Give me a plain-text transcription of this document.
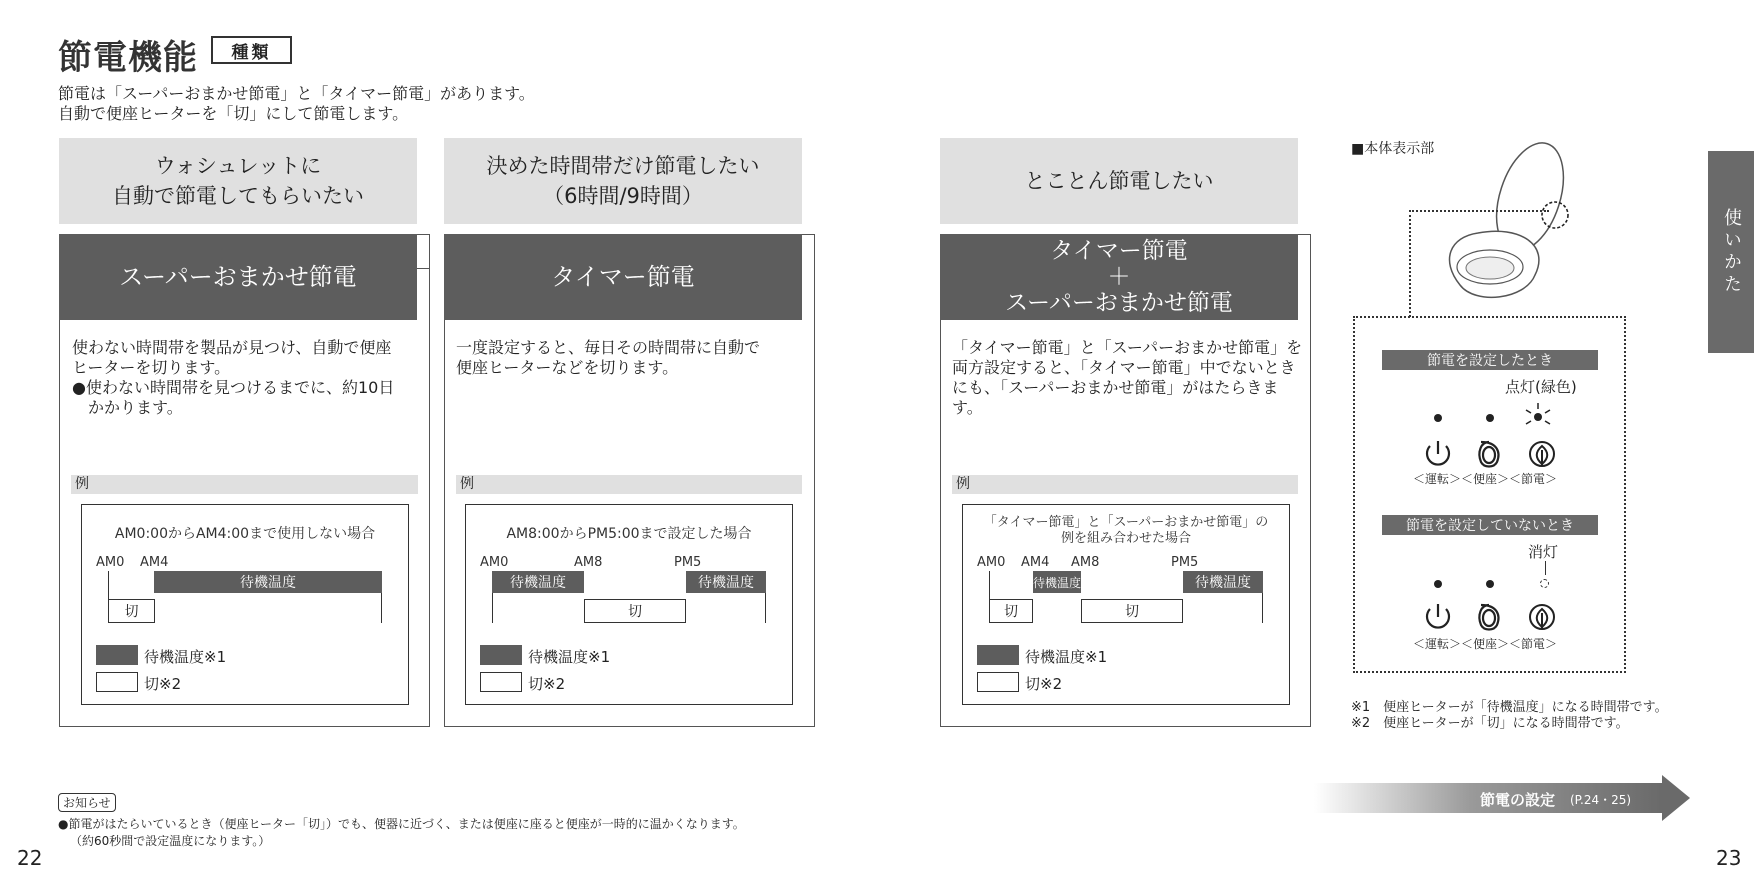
節電機能	種類
節電は「スーパーおまかせ節電」と「タイマー節電」があります。
自動で便座ヒーターを「切」にして節電します。
ウォシュレットに
自動で節電してもらいたい
スーパーおまかせ節電
使わない時間帯を製品が見つけ、自動で便座
ヒーターを切ります。
●使わない時間帯を見つけるまでに、約10日
　かかります。
例
AM0:00からAM4:00まで使用しない場合
AM0 AM4
待機温度
切
待機温度※1
切※2
決めた時間帯だけ節電したい
（6時間/9時間）
タイマー節電
一度設定すると、毎日その時間帯に自動で
便座ヒーターなどを切ります。
例
AM8:00からPM5:00まで設定した場合
AM0	AM8	PM5
待機温度
切
待機温度
待機温度※1
切※2
とことん節電したい
タイマー節電
＋
スーパーおまかせ節電
「タイマー節電」と「スーパーおまかせ節電」を
両方設定すると、「タイマー節電」中でないとき
にも、「スーパーおまかせ節電」がはたらきます。
例
「タイマー節電」と「スーパーおまかせ節電」の
例を組み合わせた場合
AM0 AM4 AM8	PM5
切
待機温度
切
待機温度
待機温度※1
切※2
■本体表示部
節電を設定したとき
点灯(緑色)
＜運転＞＜便座＞＜節電＞
節電を設定していないとき
消灯
＜運転＞＜便座＞＜節電＞
※1　便座ヒーターが「待機温度」になる時間帯です。
※2　便座ヒーターが「切」になる時間帯です。
使いかた
お知らせ
●節電がはたらいているとき（便座ヒーター「切」）でも、便器に近づく、または便座に座ると便座が一時的に温かくなります。
（約60秒間で設定温度になります。）
節電の設定 (P.24・25)
22	23
